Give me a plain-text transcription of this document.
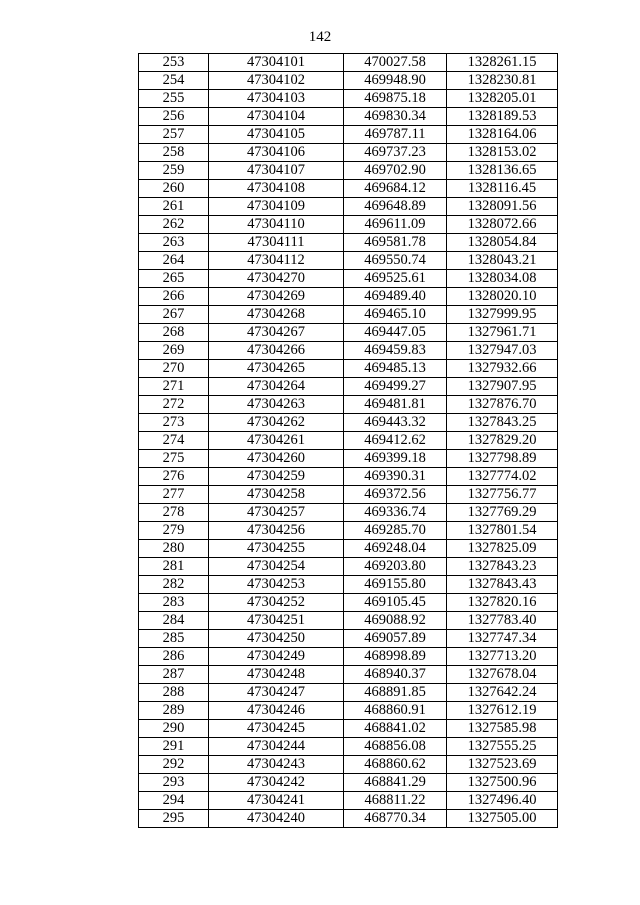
142
253	47304101	470027.58	1328261.15
254	47304102	469948.90	1328230.81
255	47304103	469875.18	1328205.01
256	47304104	469830.34	1328189.53
257	47304105	469787.11	1328164.06
258	47304106	469737.23	1328153.02
259	47304107	469702.90	1328136.65
260	47304108	469684.12	1328116.45
261	47304109	469648.89	1328091.56
262	47304110	469611.09	1328072.66
263	47304111	469581.78	1328054.84
264	47304112	469550.74	1328043.21
265	47304270	469525.61	1328034.08
266	47304269	469489.40	1328020.10
267	47304268	469465.10	1327999.95
268	47304267	469447.05	1327961.71
269	47304266	469459.83	1327947.03
270	47304265	469485.13	1327932.66
271	47304264	469499.27	1327907.95
272	47304263	469481.81	1327876.70
273	47304262	469443.32	1327843.25
274	47304261	469412.62	1327829.20
275	47304260	469399.18	1327798.89
276	47304259	469390.31	1327774.02
277	47304258	469372.56	1327756.77
278	47304257	469336.74	1327769.29
279	47304256	469285.70	1327801.54
280	47304255	469248.04	1327825.09
281	47304254	469203.80	1327843.23
282	47304253	469155.80	1327843.43
283	47304252	469105.45	1327820.16
284	47304251	469088.92	1327783.40
285	47304250	469057.89	1327747.34
286	47304249	468998.89	1327713.20
287	47304248	468940.37	1327678.04
288	47304247	468891.85	1327642.24
289	47304246	468860.91	1327612.19
290	47304245	468841.02	1327585.98
291	47304244	468856.08	1327555.25
292	47304243	468860.62	1327523.69
293	47304242	468841.29	1327500.96
294	47304241	468811.22	1327496.40
295	47304240	468770.34	1327505.00
